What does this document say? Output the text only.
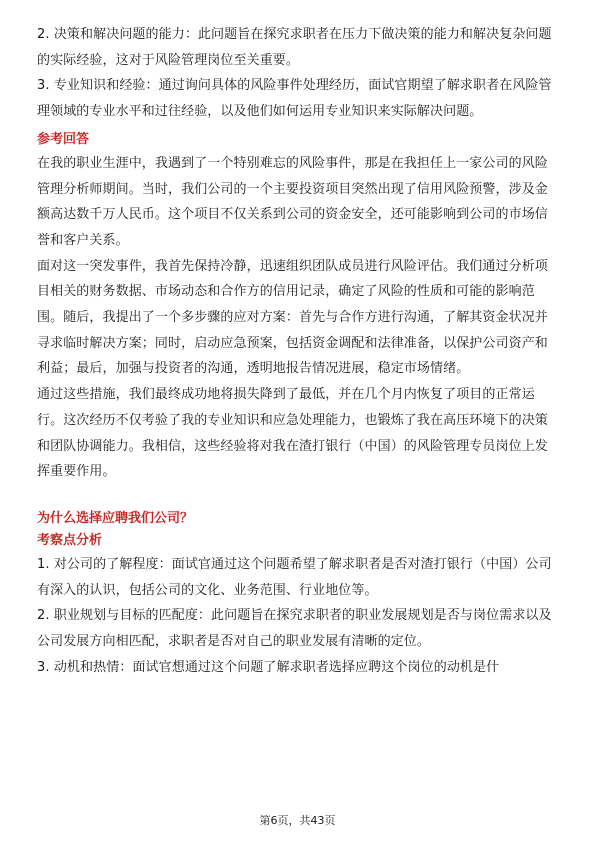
2. 决策和解决问题的能力：此问题旨在探究求职者在压力下做决策的能力和解决复杂问题的实际经验，这对于风险管理岗位至关重要。

3. 专业知识和经验：通过询问具体的风险事件处理经历，面试官期望了解求职者在风险管理领域的专业水平和过往经验，以及他们如何运用专业知识来实际解决问题。

参考回答

在我的职业生涯中，我遇到了一个特别难忘的风险事件，那是在我担任上一家公司的风险管理分析师期间。当时，我们公司的一个主要投资项目突然出现了信用风险预警，涉及金额高达数千万人民币。这个项目不仅关系到公司的资金安全，还可能影响到公司的市场信誉和客户关系。

面对这一突发事件，我首先保持冷静，迅速组织团队成员进行风险评估。我们通过分析项目相关的财务数据、市场动态和合作方的信用记录，确定了风险的性质和可能的影响范围。随后，我提出了一个多步骤的应对方案：首先与合作方进行沟通，了解其资金状况并寻求临时解决方案；同时，启动应急预案，包括资金调配和法律准备，以保护公司资产和利益；最后，加强与投资者的沟通，透明地报告情况进展，稳定市场情绪。

通过这些措施，我们最终成功地将损失降到了最低，并在几个月内恢复了项目的正常运行。这次经历不仅考验了我的专业知识和应急处理能力，也锻炼了我在高压环境下的决策和团队协调能力。我相信，这些经验将对我在渣打银行（中国）的风险管理专员岗位上发挥重要作用。

为什么选择应聘我们公司？
考察点分析

1. 对公司的了解程度：面试官通过这个问题希望了解求职者是否对渣打银行（中国）公司有深入的认识，包括公司的文化、业务范围、行业地位等。

2. 职业规划与目标的匹配度：此问题旨在探究求职者的职业发展规划是否与岗位需求以及公司发展方向相匹配，求职者是否对自己的职业发展有清晰的定位。

3. 动机和热情：面试官想通过这个问题了解求职者选择应聘这个岗位的动机是什

第6页，共43页
